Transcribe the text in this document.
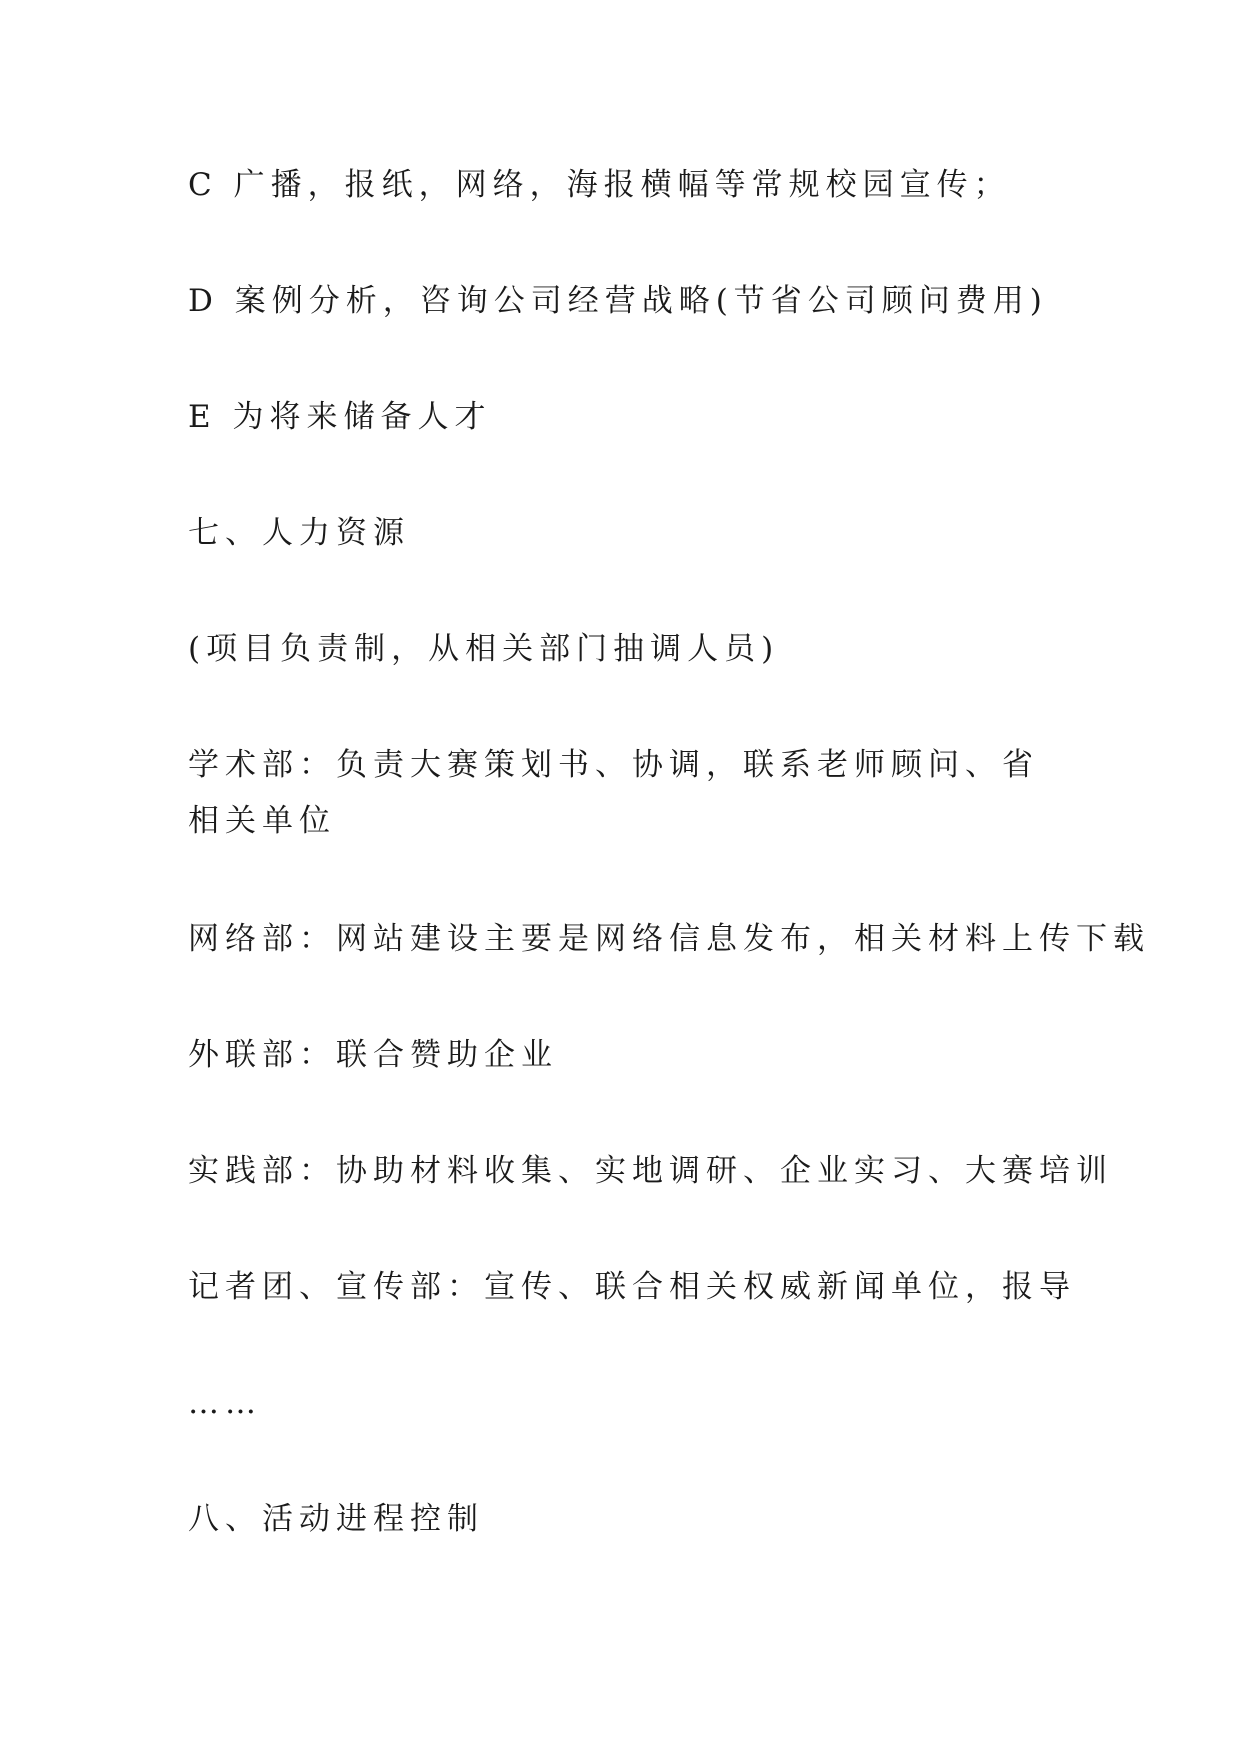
C 广播，报纸，网络，海报横幅等常规校园宣传；
D 案例分析，咨询公司经营战略(节省公司顾问费用)
E 为将来储备人才
七、人力资源
(项目负责制，从相关部门抽调人员)
学术部：负责大赛策划书、协调，联系老师顾问、省相关单位
网络部：网站建设主要是网络信息发布，相关材料上传下载
外联部：联合赞助企业
实践部：协助材料收集、实地调研、企业实习、大赛培训
记者团、宣传部：宣传、联合相关权威新闻单位，报导
……
八、活动进程控制
